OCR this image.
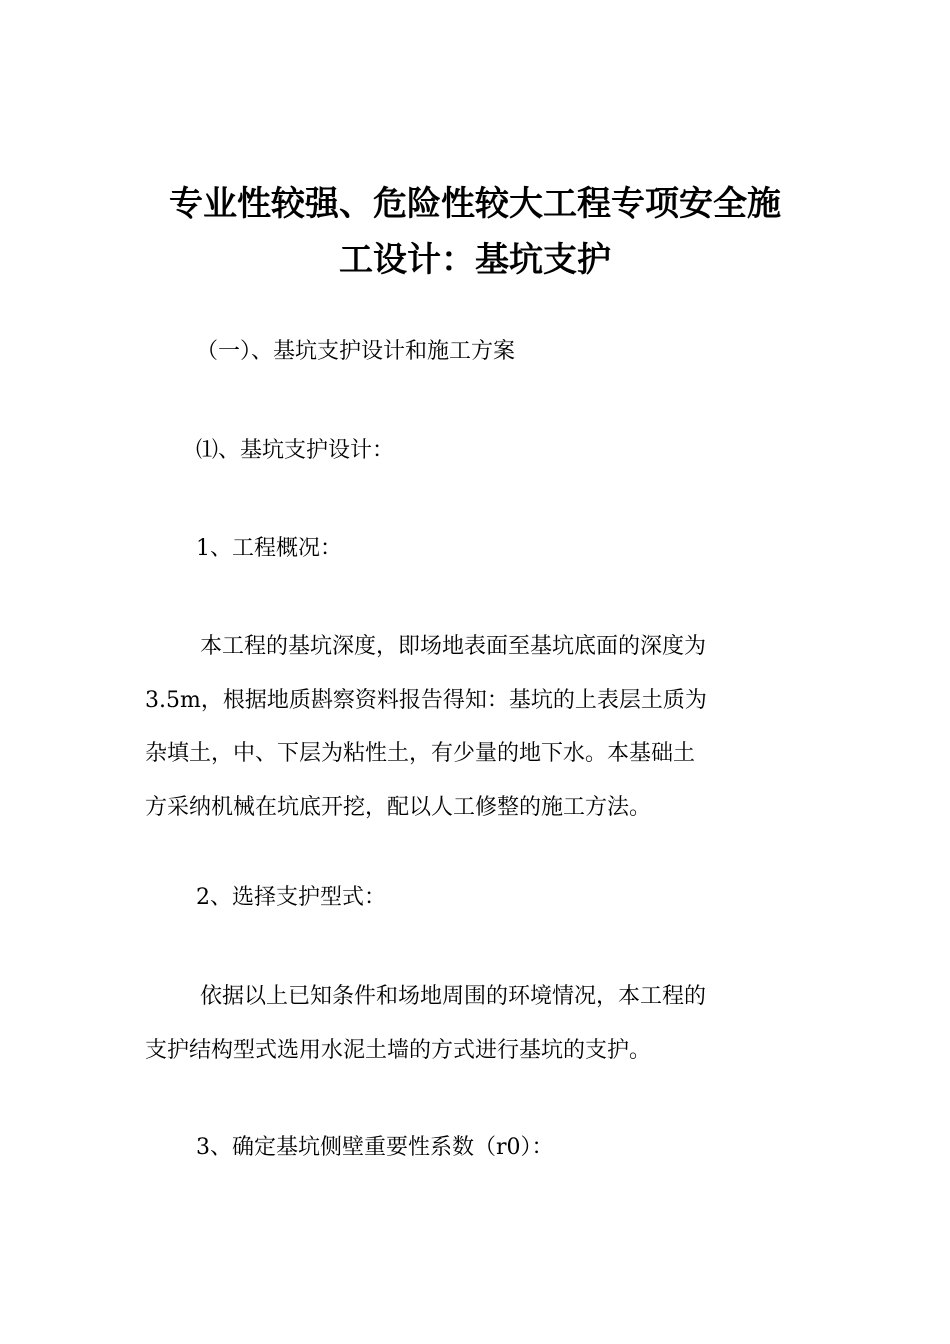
专业性较强、危险性较大工程专项安全施
工设计：基坑支护

（一）、基坑支护设计和施工方案

⑴、基坑支护设计：

1、工程概况：

本工程的基坑深度，即场地表面至基坑底面的深度为
3.5m，根据地质斟察资料报告得知：基坑的上表层土质为
杂填土，中、下层为粘性土，有少量的地下水。本基础土
方采纳机械在坑底开挖，配以人工修整的施工方法。

2、选择支护型式：

依据以上已知条件和场地周围的环境情况，本工程的
支护结构型式选用水泥土墙的方式进行基坑的支护。

3、确定基坑侧壁重要性系数（r0）：
